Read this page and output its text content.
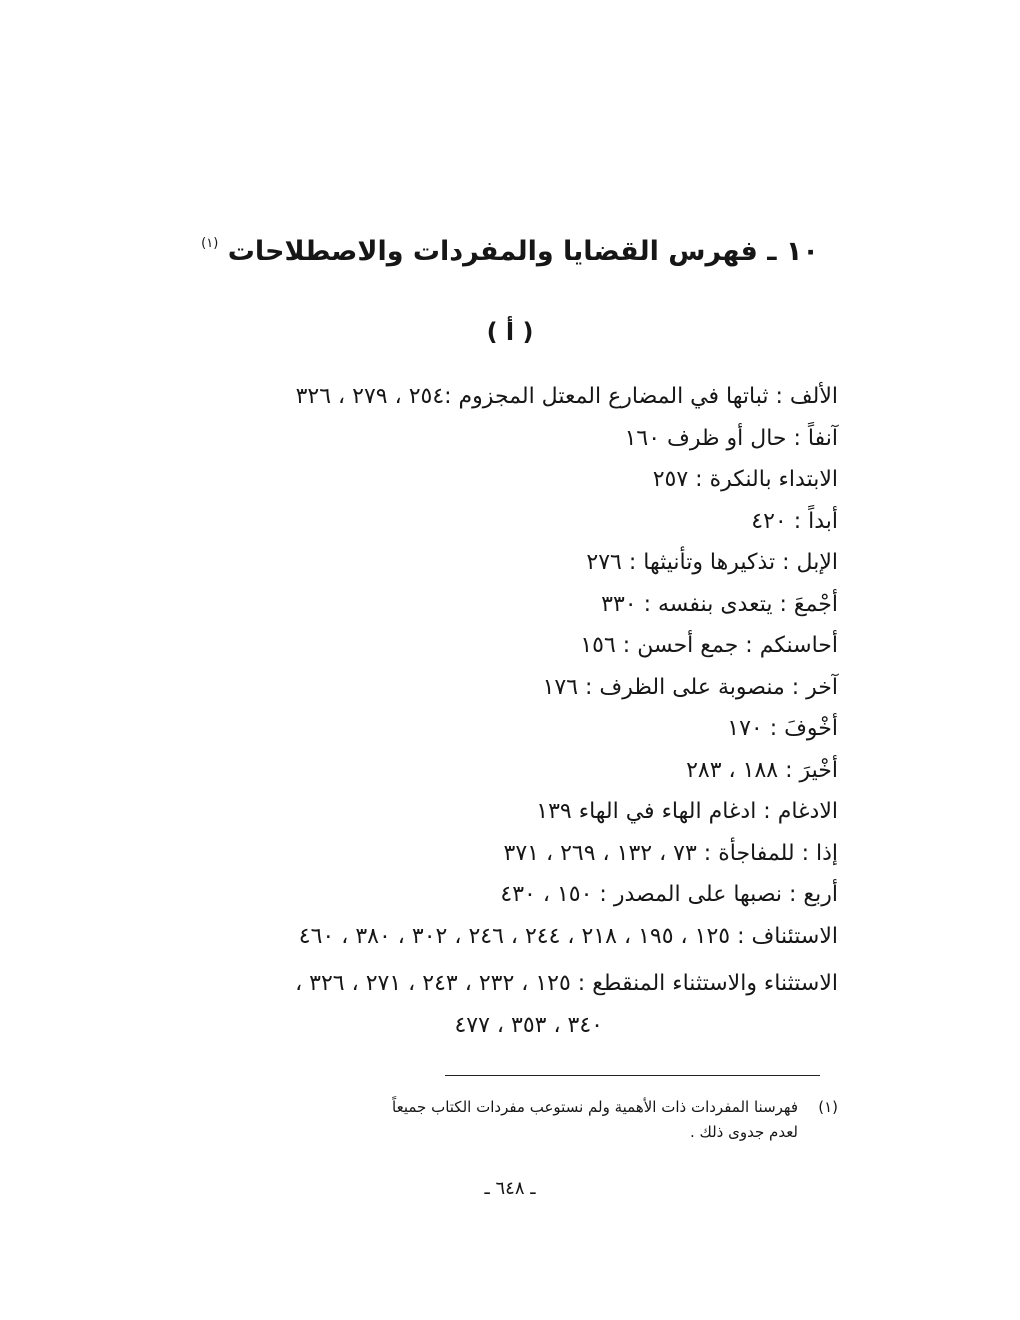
١٠ ـ فهرس القضايا والمفردات والاصطلاحات $^{(١)}$
( أ )
الألف : ثباتها في المضارع المعتل المجزوم :٢٥٤ ، ٢٧٩ ، ٣٢٦
آنفاً : حال أو ظرف ١٦٠
الابتداء بالنكرة : ٢٥٧
أبداً : ٤٢٠
الإبل : تذكيرها وتأنيثها : ٢٧٦
أجْمعَ : يتعدى بنفسه : ٣٣٠
أحاسنكم : جمع أحسن : ١٥٦
آخر : منصوبة على الظرف : ١٧٦
أخْوفَ : ١٧٠
أخْيرَ : ١٨٨ ، ٢٨٣
الادغام : ادغام الهاء في الهاء ١٣٩
إذا : للمفاجأة : ٧٣ ، ١٣٢ ، ٢٦٩ ، ٣٧١
أربع : نصبها على المصدر : ١٥٠ ، ٤٣٠
الاستئناف : ١٢٥ ، ١٩٥ ، ٢١٨ ، ٢٤٤ ، ٢٤٦ ، ٣٠٢ ، ٣٨٠ ، ٤٦٠
الاستثناء والاستثناء المنقطع : ١٢٥ ، ٢٣٢ ، ٢٤٣ ، ٢٧١ ، ٣٢٦ ،
٣٤٠ ، ٣٥٣ ، ٤٧٧
(١)فهرسنا المفردات ذات الأهمية ولم نستوعب مفردات الكتاب جميعاً
لعدم جدوى ذلك .
ـ ٦٤٨ ـ
